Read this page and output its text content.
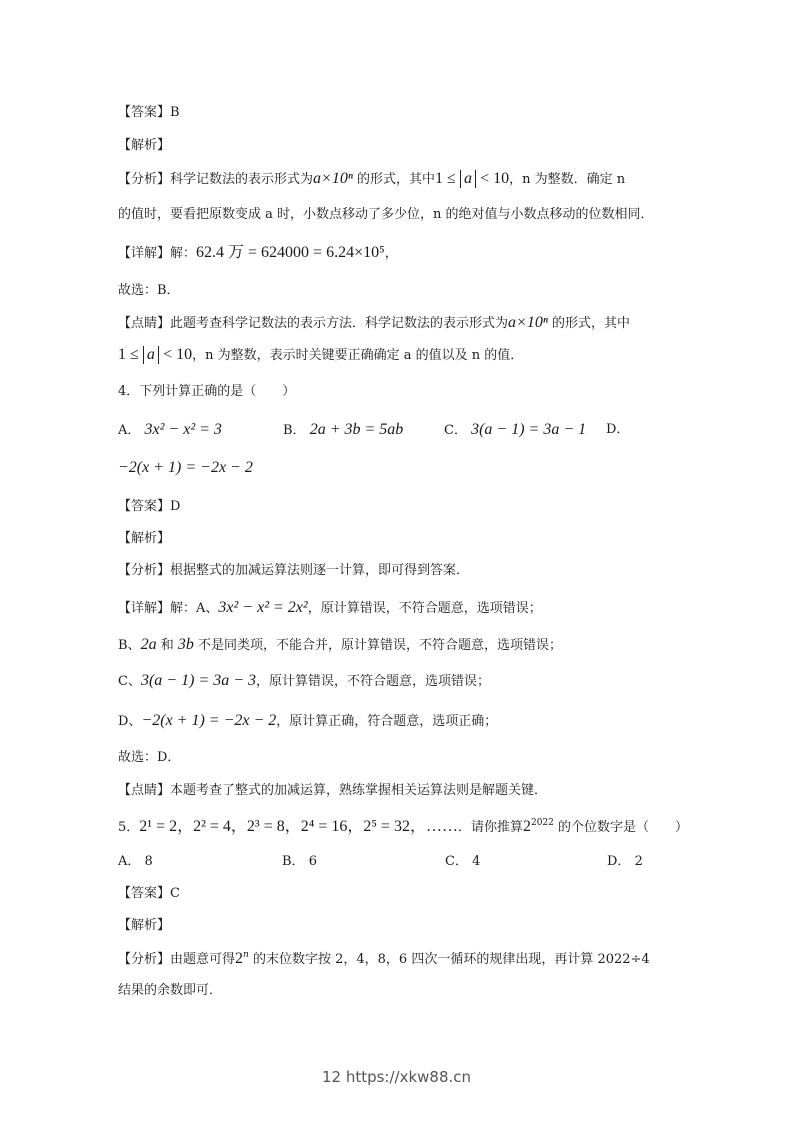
【答案】B
【解析】
【分析】科学记数法的表示形式为a×10ⁿ 的形式，其中1 ≤ a < 10，n 为整数．确定 n
的值时，要看把原数变成 a 时，小数点移动了多少位，n 的绝对值与小数点移动的位数相同．
【详解】解：62.4 万 = 624000 = 6.24×10⁵，
故选：B．
【点睛】此题考查科学记数法的表示方法．科学记数法的表示形式为a×10ⁿ 的形式，其中
1 ≤ a < 10，n 为整数，表示时关键要正确确定 a 的值以及 n 的值．
4．下列计算正确的是（　　）
A． 3x² − x² = 3	B． 2a + 3b = 5ab	C． 3(a − 1) = 3a − 1 D．
−2(x + 1) = −2x − 2
【答案】D
【解析】
【分析】根据整式的加减运算法则逐一计算，即可得到答案．
【详解】解：A、3x² − x² = 2x²，原计算错误，不符合题意，选项错误；
B、2a 和 3b 不是同类项，不能合并，原计算错误，不符合题意，选项错误；
C、3(a − 1) = 3a − 3，原计算错误，不符合题意，选项错误；
D、−2(x + 1) = −2x − 2，原计算正确，符合题意，选项正确；
故选：D．
【点睛】本题考查了整式的加减运算，熟练掌握相关运算法则是解题关键．
5．2¹ = 2，2² = 4，2³ = 8，2⁴ = 16，2⁵ = 32，……．请你推算$2^{2022}$ 的个位数字是（　　）
A． 8	B． 6	C． 4	D． 2
【答案】C
【解析】
【分析】由题意可得2$^n$ 的末位数字按 2，4，8，6 四次一循环的规律出现，再计算 2022÷4
结果的余数即可．
12 https://xkw88.cn
